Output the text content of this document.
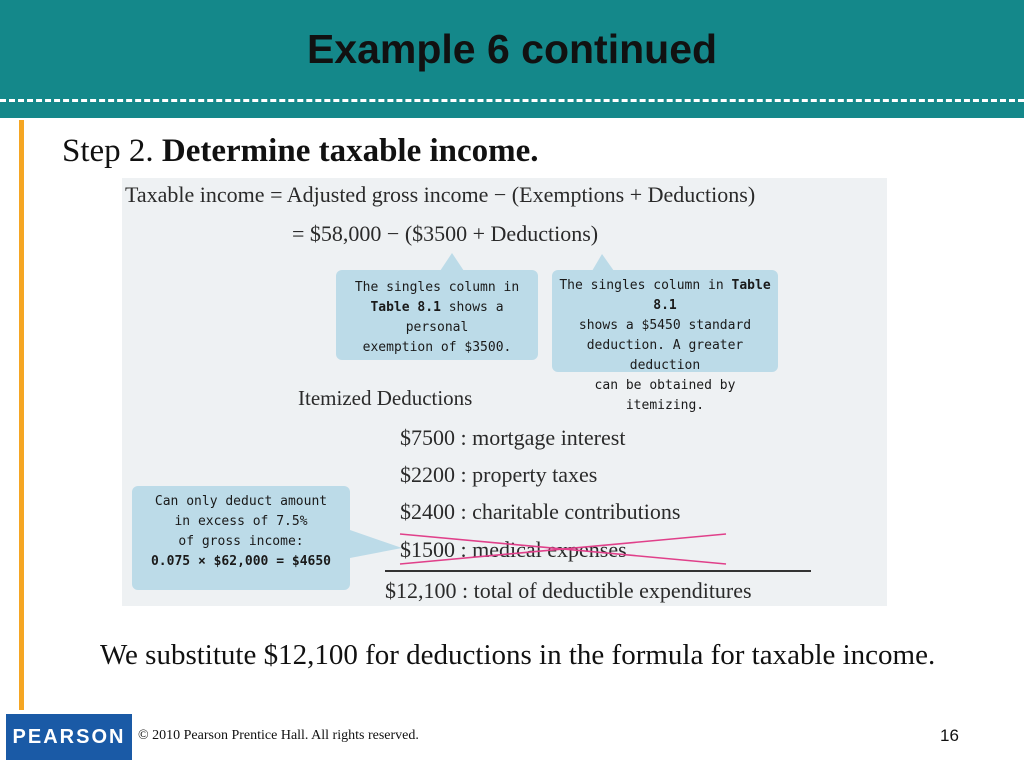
Example 6 continued
Step 2. Determine taxable income.
Taxable income = Adjusted gross income − (Exemptions + Deductions)
= $58,000 − ($3500 + Deductions)
The singles column in
Table 8.1 shows a personal
exemption of $3500.
The singles column in Table 8.1
shows a $5450 standard
deduction. A greater deduction
can be obtained by itemizing.
Itemized Deductions
$7500 : mortgage interest
$2200 : property taxes
$2400 : charitable contributions
$1500 : medical expenses
Can only deduct amount
in excess of 7.5%
of gross income:
0.075 × $62,000 = $4650
$12,100 : total of deductible expenditures
We substitute $12,100 for deductions in the formula for taxable income.
PEARSON © 2010 Pearson Prentice Hall. All rights reserved.	16
